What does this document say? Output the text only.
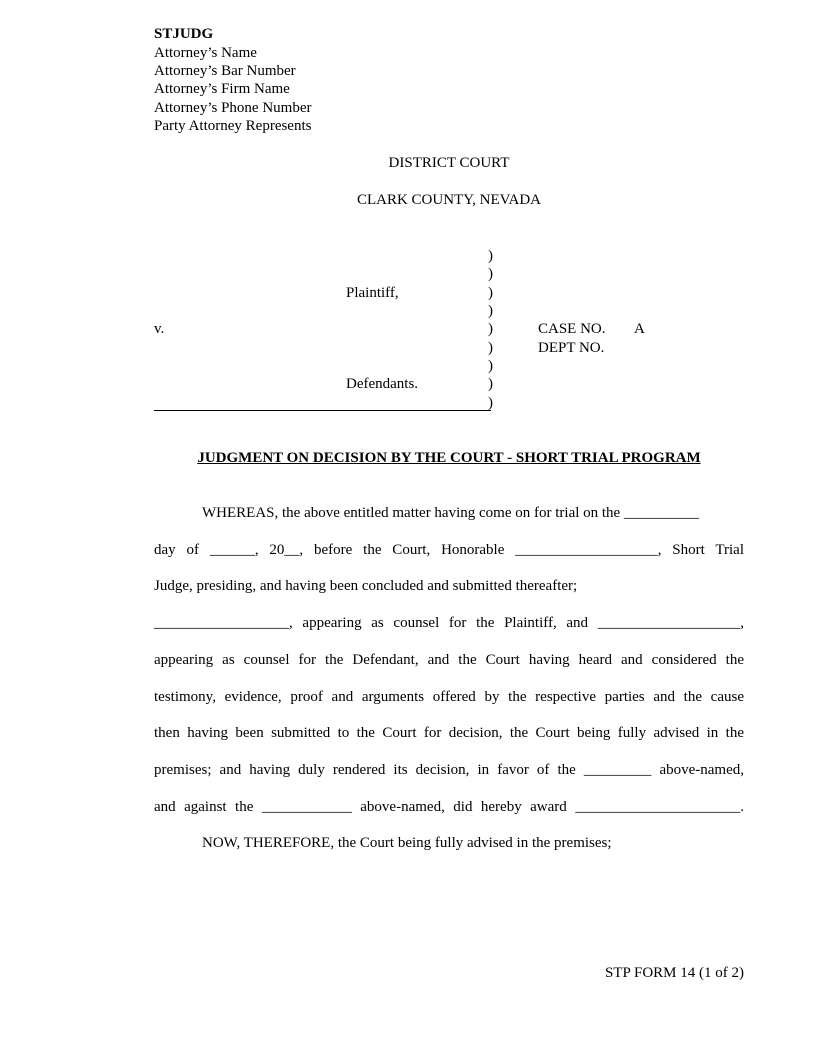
STJUDG
Attorney’s Name
Attorney’s Bar Number
Attorney’s Firm Name
Attorney’s Phone Number
Party Attorney Represents
DISTRICT COURT
CLARK COUNTY, NEVADA
)
)
)
)
)
)
)
)
)
Plaintiff,
v.
Defendants.
CASE NO. A
DEPT NO.
JUDGMENT ON DECISION BY THE COURT - SHORT TRIAL PROGRAM
WHEREAS, the above entitled matter having come on for trial on the __________
day of ______, 20__, before the Court, Honorable ___________________, Short Trial
Judge, presiding, and having been concluded and submitted thereafter;
__________________, appearing as counsel for the Plaintiff, and ___________________,
appearing as counsel for the Defendant, and the Court having heard and considered the
testimony, evidence, proof and arguments offered by the respective parties and the cause
then having been submitted to the Court for decision, the Court being fully advised in the
premises; and having duly rendered its decision, in favor of the _________ above-named,
and against the ____________ above-named, did hereby award ______________________.
NOW, THEREFORE, the Court being fully advised in the premises;
STP FORM 14 (1 of 2)
